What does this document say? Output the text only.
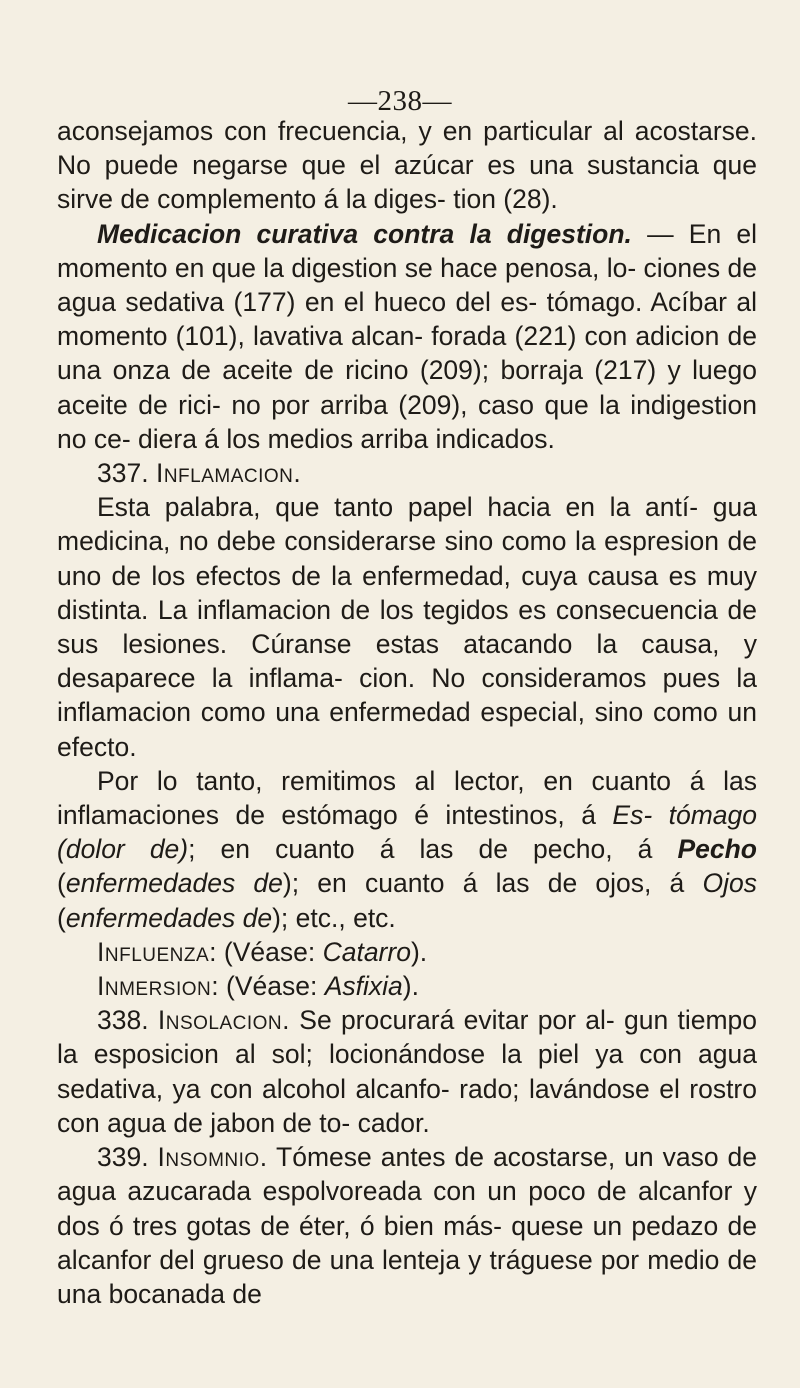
—238—

aconsejamos con frecuencia, y en particular al acostarse. No puede negarse que el azúcar es una sustancia que sirve de complemento á la diges- tion (28).

Medicacion curativa contra la digestion. — En el momento en que la digestion se hace penosa, lo- ciones de agua sedativa (177) en el hueco del es- tómago. Acíbar al momento (101), lavativa alcan- forada (221) con adicion de una onza de aceite de ricino (209); borraja (217) y luego aceite de rici- no por arriba (209), caso que la indigestion no ce- diera á los medios arriba indicados.

337. Inflamacion.

Esta palabra, que tanto papel hacia en la antí- gua medicina, no debe considerarse sino como la espresion de uno de los efectos de la enfermedad, cuya causa es muy distinta. La inflamacion de los tegidos es consecuencia de sus lesiones. Cúranse estas atacando la causa, y desaparece la inflama- cion. No consideramos pues la inflamacion como una enfermedad especial, sino como un efecto.

Por lo tanto, remitimos al lector, en cuanto á las inflamaciones de estómago é intestinos, á Es- tómago (dolor de); en cuanto á las de pecho, á Pecho (enfermedades de); en cuanto á las de ojos, á Ojos (enfermedades de); etc., etc.

Influenza: (Véase: Catarro).

Inmersion: (Véase: Asfixia).

338. Insolacion. Se procurará evitar por al- gun tiempo la esposicion al sol; locionándose la piel ya con agua sedativa, ya con alcohol alcanfo- rado; lavándose el rostro con agua de jabon de to- cador.

339. Insomnio. Tómese antes de acostarse, un vaso de agua azucarada espolvoreada con un poco de alcanfor y dos ó tres gotas de éter, ó bien más- quese un pedazo de alcanfor del grueso de una lenteja y tráguese por medio de una bocanada de
